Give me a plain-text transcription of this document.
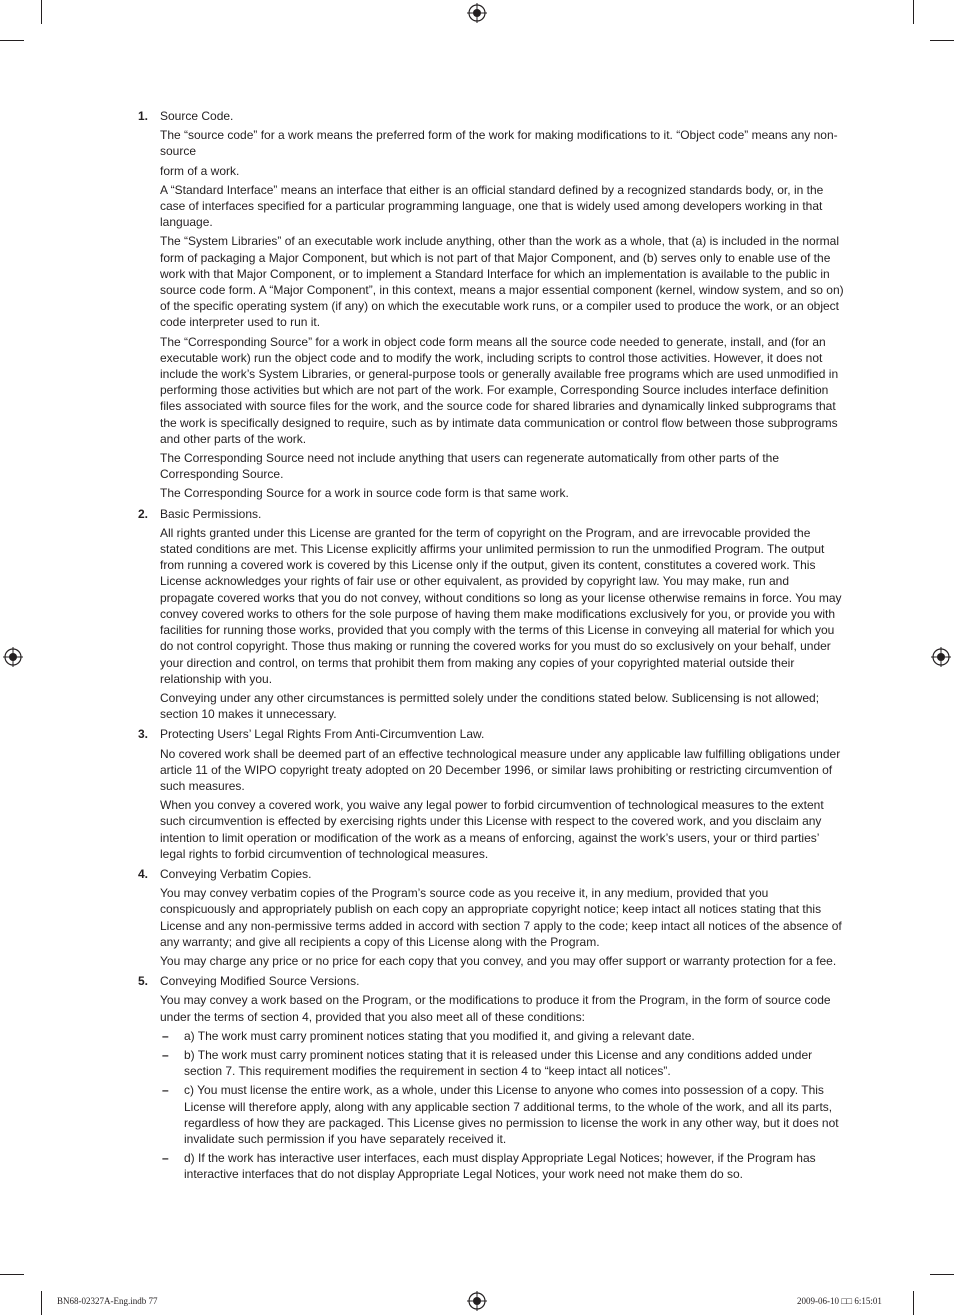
1. Source Code.

The “source code” for a work means the preferred form of the work for making modifications to it. “Object code” means any non-source

form of a work.

A “Standard Interface” means an interface that either is an official standard defined by a recognized standards body, or, in the case of interfaces specified for a particular programming language, one that is widely used among developers working in that language.

The “System Libraries” of an executable work include anything, other than the work as a whole, that (a) is included in the normal form of packaging a Major Component, but which is not part of that Major Component, and (b) serves only to enable use of the work with that Major Component, or to implement a Standard Interface for which an implementation is available to the public in source code form. A “Major Component”, in this context, means a major essential component (kernel, window system, and so on) of the specific operating system (if any) on which the executable work runs, or a compiler used to produce the work, or an object code interpreter used to run it.

The “Corresponding Source” for a work in object code form means all the source code needed to generate, install, and (for an executable work) run the object code and to modify the work, including scripts to control those activities. However, it does not include the work’s System Libraries, or general-purpose tools or generally available free programs which are used unmodified in performing those activities but which are not part of the work. For example, Corresponding Source includes interface definition files associated with source files for the work, and the source code for shared libraries and dynamically linked subprograms that the work is specifically designed to require, such as by intimate data communication or control flow between those subprograms and other parts of the work.

The Corresponding Source need not include anything that users can regenerate automatically from other parts of the Corresponding Source.

The Corresponding Source for a work in source code form is that same work.

2. Basic Permissions.

All rights granted under this License are granted for the term of copyright on the Program, and are irrevocable provided the stated conditions are met. This License explicitly affirms your unlimited permission to run the unmodified Program. The output from running a covered work is covered by this License only if the output, given its content, constitutes a covered work. This License acknowledges your rights of fair use or other equivalent, as provided by copyright law. You may make, run and propagate covered works that you do not convey, without conditions so long as your license otherwise remains in force. You may convey covered works to others for the sole purpose of having them make modifications exclusively for you, or provide you with facilities for running those works, provided that you comply with the terms of this License in conveying all material for which you do not control copyright. Those thus making or running the covered works for you must do so exclusively on your behalf, under your direction and control, on terms that prohibit them from making any copies of your copyrighted material outside their relationship with you.

Conveying under any other circumstances is permitted solely under the conditions stated below. Sublicensing is not allowed; section 10 makes it unnecessary.

3. Protecting Users’ Legal Rights From Anti-Circumvention Law.

No covered work shall be deemed part of an effective technological measure under any applicable law fulfilling obligations under article 11 of the WIPO copyright treaty adopted on 20 December 1996, or similar laws prohibiting or restricting circumvention of such measures.

When you convey a covered work, you waive any legal power to forbid circumvention of technological measures to the extent such circumvention is effected by exercising rights under this License with respect to the covered work, and you disclaim any intention to limit operation or modification of the work as a means of enforcing, against the work’s users, your or third parties’ legal rights to forbid circumvention of technological measures.

4. Conveying Verbatim Copies.

You may convey verbatim copies of the Program’s source code as you receive it, in any medium, provided that you conspicuously and appropriately publish on each copy an appropriate copyright notice; keep intact all notices stating that this License and any non-permissive terms added in accord with section 7 apply to the code; keep intact all notices of the absence of any warranty; and give all recipients a copy of this License along with the Program.

You may charge any price or no price for each copy that you convey, and you may offer support or warranty protection for a fee.

5. Conveying Modified Source Versions.

You may convey a work based on the Program, or the modifications to produce it from the Program, in the form of source code under the terms of section 4, provided that you also meet all of these conditions:

– a) The work must carry prominent notices stating that you modified it, and giving a relevant date.
– b) The work must carry prominent notices stating that it is released under this License and any conditions added under section 7. This requirement modifies the requirement in section 4 to “keep intact all notices”.
– c) You must license the entire work, as a whole, under this License to anyone who comes into possession of a copy. This License will therefore apply, along with any applicable section 7 additional terms, to the whole of the work, and all its parts, regardless of how they are packaged. This License gives no permission to license the work in any other way, but it does not invalidate such permission if you have separately received it.
– d) If the work has interactive user interfaces, each must display Appropriate Legal Notices; however, if the Program has interactive interfaces that do not display Appropriate Legal Notices, your work need not make them do so.
BN68-02327A-Eng.indb 77	2009-06-10 □□ 6:15:01
